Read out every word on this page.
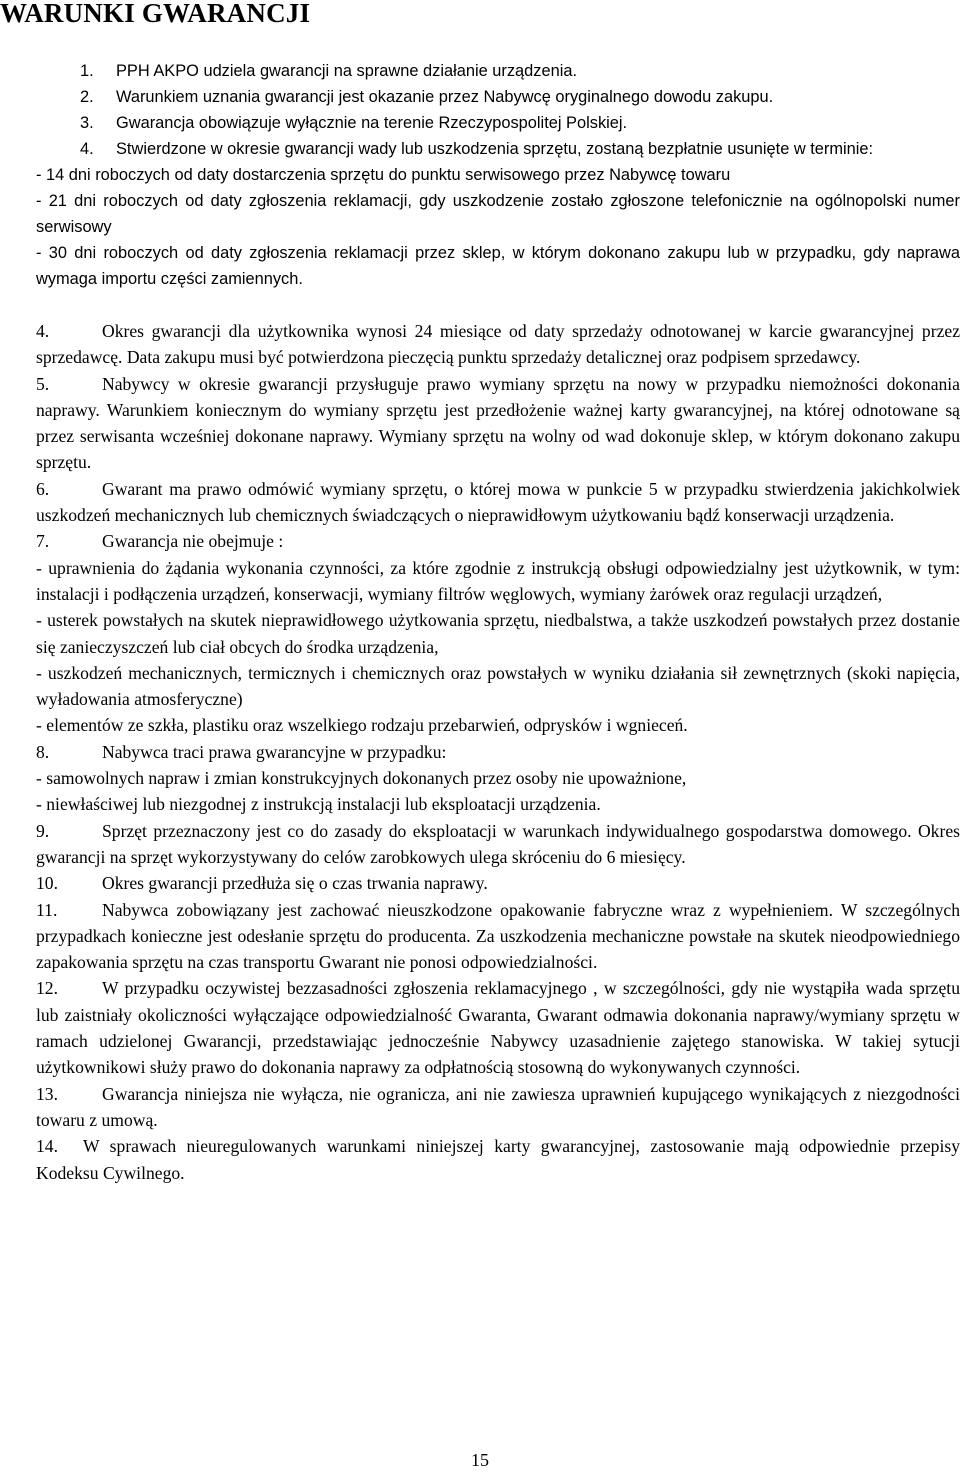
WARUNKI GWARANCJI
1. PPH AKPO udziela gwarancji na sprawne działanie urządzenia.
2. Warunkiem uznania gwarancji jest okazanie przez Nabywcę oryginalnego dowodu zakupu.
3. Gwarancja obowiązuje wyłącznie na terenie Rzeczypospolitej Polskiej.
4. Stwierdzone w okresie gwarancji wady lub uszkodzenia sprzętu, zostaną bezpłatnie usunięte w terminie:

- 14 dni roboczych od daty dostarczenia sprzętu do punktu serwisowego przez Nabywcę towaru

- 21 dni roboczych od daty zgłoszenia reklamacji, gdy uszkodzenie zostało zgłoszone telefonicznie na ogólnopolski numer serwisowy

- 30 dni roboczych od daty zgłoszenia reklamacji przez sklep, w którym dokonano zakupu lub w przypadku, gdy naprawa wymaga importu części zamiennych.

4.	Okres gwarancji dla użytkownika wynosi 24 miesiące od daty sprzedaży odnotowanej w karcie gwarancyjnej przez sprzedawcę. Data zakupu musi być potwierdzona pieczęcią punktu sprzedaży detalicznej oraz podpisem sprzedawcy.

5.	Nabywcy w okresie gwarancji przysługuje prawo wymiany sprzętu na nowy w przypadku niemożności dokonania naprawy. Warunkiem koniecznym do wymiany sprzętu jest przedłożenie ważnej karty gwarancyjnej, na której odnotowane są przez serwisanta wcześniej dokonane naprawy. Wymiany sprzętu na wolny od wad dokonuje sklep, w którym dokonano zakupu sprzętu.

6.	Gwarant ma prawo odmówić wymiany sprzętu, o której mowa w punkcie 5 w przypadku stwierdzenia jakichkolwiek uszkodzeń mechanicznych lub chemicznych świadczących o nieprawidłowym użytkowaniu bądź konserwacji urządzenia.

7.	Gwarancja nie obejmuje :

- uprawnienia do żądania wykonania czynności, za które zgodnie z instrukcją obsługi odpowiedzialny jest użytkownik, w tym: instalacji i podłączenia urządzeń, konserwacji, wymiany filtrów węglowych, wymiany żarówek oraz regulacji urządzeń,

- usterek powstałych na skutek nieprawidłowego użytkowania sprzętu, niedbalstwa, a także uszkodzeń powstałych przez dostanie się zanieczyszczeń lub ciał obcych do środka urządzenia,

- uszkodzeń mechanicznych, termicznych i chemicznych oraz powstałych w wyniku działania sił zewnętrznych (skoki napięcia, wyładowania atmosferyczne)

- elementów ze szkła, plastiku oraz wszelkiego rodzaju przebarwień, odprysków i wgnieceń.

8.	Nabywca traci prawa gwarancyjne w przypadku:

- samowolnych napraw i zmian konstrukcyjnych dokonanych przez osoby nie upoważnione,

- niewłaściwej lub niezgodnej z instrukcją instalacji lub eksploatacji urządzenia.

9.	Sprzęt przeznaczony jest co do zasady do eksploatacji w warunkach indywidualnego gospodarstwa domowego. Okres gwarancji na sprzęt wykorzystywany do celów zarobkowych ulega skróceniu do 6 miesięcy.

10.	Okres gwarancji przedłuża się o czas trwania naprawy.

11.	Nabywca zobowiązany jest zachować nieuszkodzone opakowanie fabryczne wraz z wypełnieniem. W szczególnych przypadkach konieczne jest odesłanie sprzętu do producenta. Za uszkodzenia mechaniczne powstałe na skutek nieodpowiedniego zapakowania sprzętu na czas transportu Gwarant nie ponosi odpowiedzialności.

12.	W przypadku oczywistej bezzasadności zgłoszenia reklamacyjnego , w szczególności, gdy nie wystąpiła wada sprzętu lub zaistniały okoliczności wyłączające odpowiedzialność Gwaranta, Gwarant odmawia dokonania naprawy/wymiany sprzętu w ramach udzielonej Gwarancji, przedstawiając jednocześnie Nabywcy uzasadnienie zajętego stanowiska. W takiej sytucji użytkownikowi służy prawo do dokonania naprawy za odpłatnością stosowną do wykonywanych czynności.

13.	Gwarancja niniejsza nie wyłącza, nie ogranicza, ani nie zawiesza uprawnień kupującego wynikających z niezgodności towaru z umową.

14. W sprawach nieuregulowanych warunkami niniejszej karty gwarancyjnej, zastosowanie mają odpowiednie przepisy Kodeksu Cywilnego.

15
